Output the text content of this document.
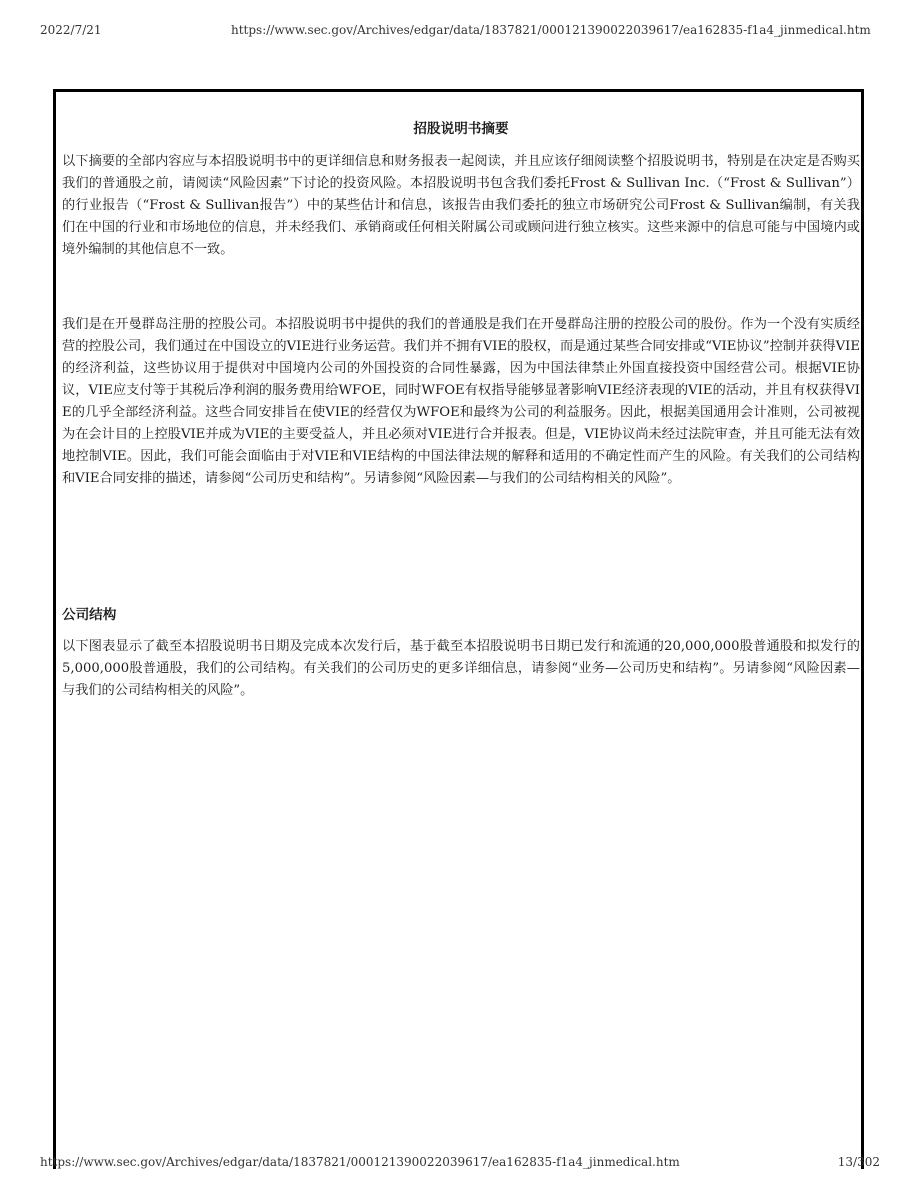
2022/7/21	https://www.sec.gov/Archives/edgar/data/1837821/000121390022039617/ea162835-f1a4_jinmedical.htm
招股说明书摘要

以下摘要的全部内容应与本招股说明书中的更详细信息和财务报表一起阅读，并且应该仔细阅读整个招股说明书，特别是在决定是否购买我们的普通股之前，请阅读“风险因素”下讨论的投资风险。本招股说明书包含我们委托Frost & Sullivan Inc.（“Frost & Sullivan”）的行业报告（“Frost & Sullivan报告”）中的某些估计和信息，该报告由我们委托的独立市场研究公司Frost & Sullivan编制，有关我们在中国的行业和市场地位的信息，并未经我们、承销商或任何相关附属公司或顾问进行独立核实。这些来源中的信息可能与中国境内或境外编制的其他信息不一致。

我们是在开曼群岛注册的控股公司。本招股说明书中提供的我们的普通股是我们在开曼群岛注册的控股公司的股份。作为一个没有实质经营的控股公司，我们通过在中国设立的VIE进行业务运营。我们并不拥有VIE的股权，而是通过某些合同安排或“VIE协议”控制并获得VIE的经济利益，这些协议用于提供对中国境内公司的外国投资的合同性暴露，因为中国法律禁止外国直接投资中国经营公司。根据VIE协议，VIE应支付等于其税后净利润的服务费用给WFOE，同时WFOE有权指导能够显著影响VIE经济表现的VIE的活动，并且有权获得VIE的几乎全部经济利益。这些合同安排旨在使VIE的经营仅为WFOE和最终为公司的利益服务。因此，根据美国通用会计准则，公司被视为在会计目的上控股VIE并成为VIE的主要受益人，并且必须对VIE进行合并报表。但是，VIE协议尚未经过法院审查，并且可能无法有效地控制VIE。因此，我们可能会面临由于对VIE和VIE结构的中国法律法规的解释和适用的不确定性而产生的风险。有关我们的公司结构和VIE合同安排的描述，请参阅“公司历史和结构”。另请参阅“风险因素—与我们的公司结构相关的风险”。

公司结构

以下图表显示了截至本招股说明书日期及完成本次发行后，基于截至本招股说明书日期已发行和流通的20,000,000股普通股和拟发行的5,000,000股普通股，我们的公司结构。有关我们的公司历史的更多详细信息，请参阅“业务—公司历史和结构”。另请参阅“风险因素—与我们的公司结构相关的风险”。

https://www.sec.gov/Archives/edgar/data/1837821/000121390022039617/ea162835-f1a4_jinmedical.htm	13/302
